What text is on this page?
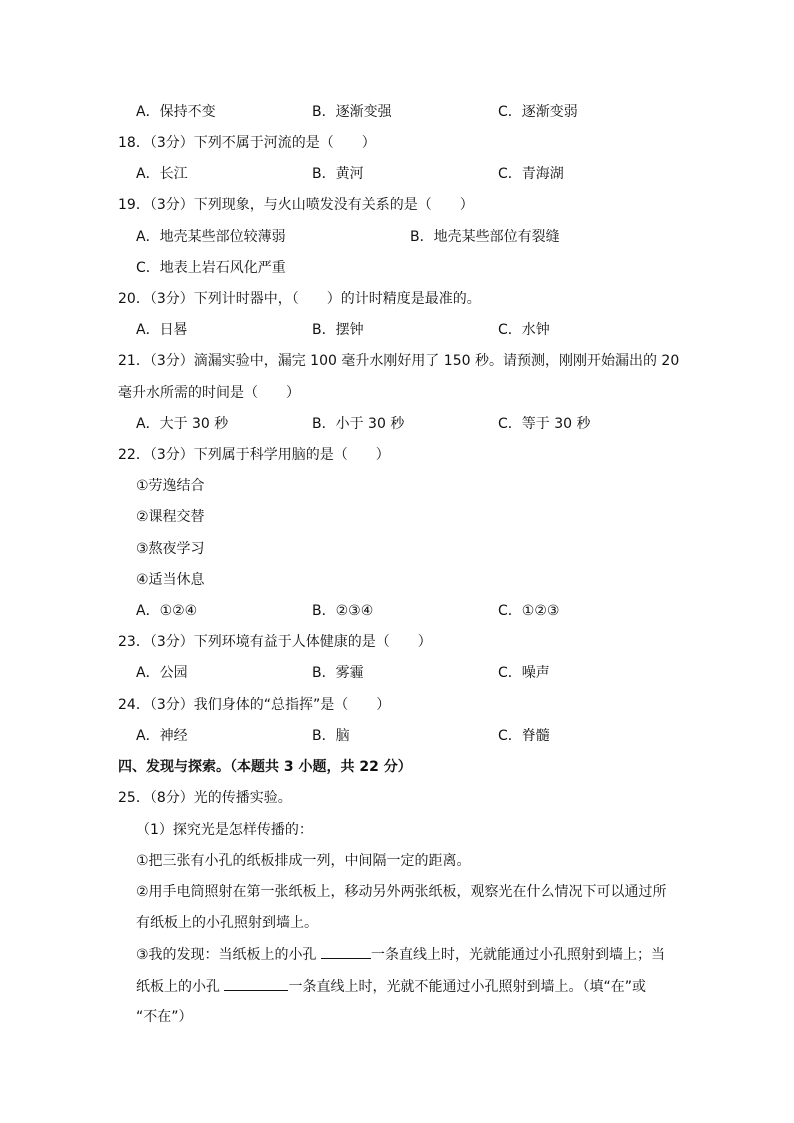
A．保持不变	B．逐渐变强	C．逐渐变弱
18．（3分）下列不属于河流的是（　　）
A．长江	B．黄河	C．青海湖
19．（3分）下列现象，与火山喷发没有关系的是（　　）
A．地壳某些部位较薄弱	B．地壳某些部位有裂缝
C．地表上岩石风化严重
20．（3分）下列计时器中，（　　）的计时精度是最准的。
A．日晷	B．摆钟	C．水钟
21．（3分）滴漏实验中，漏完 100 毫升水刚好用了 150 秒。请预测，刚刚开始漏出的 20
毫升水所需的时间是（　　）
A．大于 30 秒	B．小于 30 秒	C．等于 30 秒
22．（3分）下列属于科学用脑的是（　　）
①劳逸结合
②课程交替
③熬夜学习
④适当休息
A．①②④	B．②③④	C．①②③
23．（3分）下列环境有益于人体健康的是（　　）
A．公园	B．雾霾	C．噪声
24．（3分）我们身体的“总指挥”是（　　）
A．神经	B．脑	C．脊髓
四、发现与探索。（本题共 3 小题，共 22 分）
25．（8分）光的传播实验。
（1）探究光是怎样传播的：
①把三张有小孔的纸板排成一列，中间隔一定的距离。
②用手电筒照射在第一张纸板上，移动另外两张纸板，观察光在什么情况下可以通过所
有纸板上的小孔照射到墙上。
③我的发现：当纸板上的小孔	一条直线上时，光就能通过小孔照射到墙上；当
纸板上的小孔	一条直线上时，光就不能通过小孔照射到墙上。（填“在”或
“不在”）
